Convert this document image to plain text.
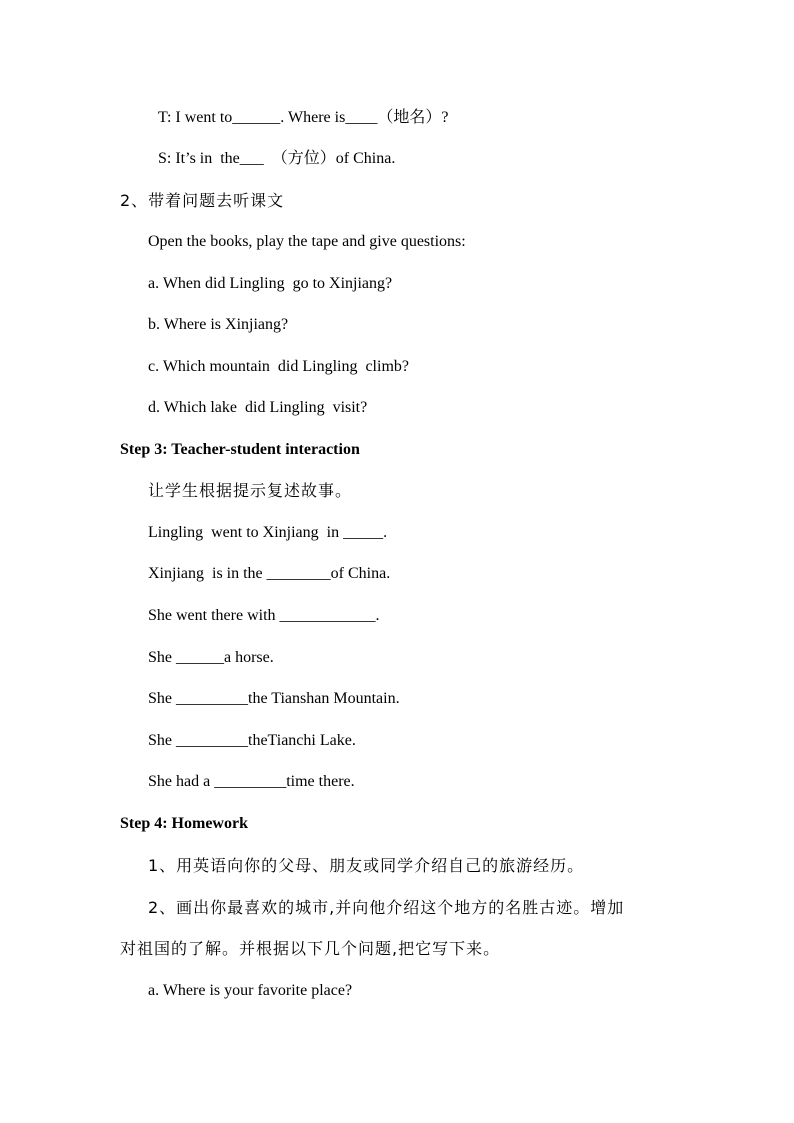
T: I went to______. Where is____（地名）?
S: It’s in  the___  （方位）of China.
2、带着问题去听课文
Open the books, play the tape and give questions:
a. When did Lingling  go to Xinjiang?
b. Where is Xinjiang?
c. Which mountain  did Lingling  climb?
d. Which lake  did Lingling  visit?
Step 3: Teacher-student interaction
让学生根据提示复述故事。
Lingling  went to Xinjiang  in _____.
Xinjiang  is in the ________of China.
She went there with ____________.
She ______a horse.
She _________the Tianshan Mountain.
She _________theTianchi Lake.
She had a _________time there.
Step 4: Homework
1、用英语向你的父母、朋友或同学介绍自己的旅游经历。
2、画出你最喜欢的城市,并向他介绍这个地方的名胜古迹。增加
对祖国的了解。并根据以下几个问题,把它写下来。
a. Where is your favorite place?
